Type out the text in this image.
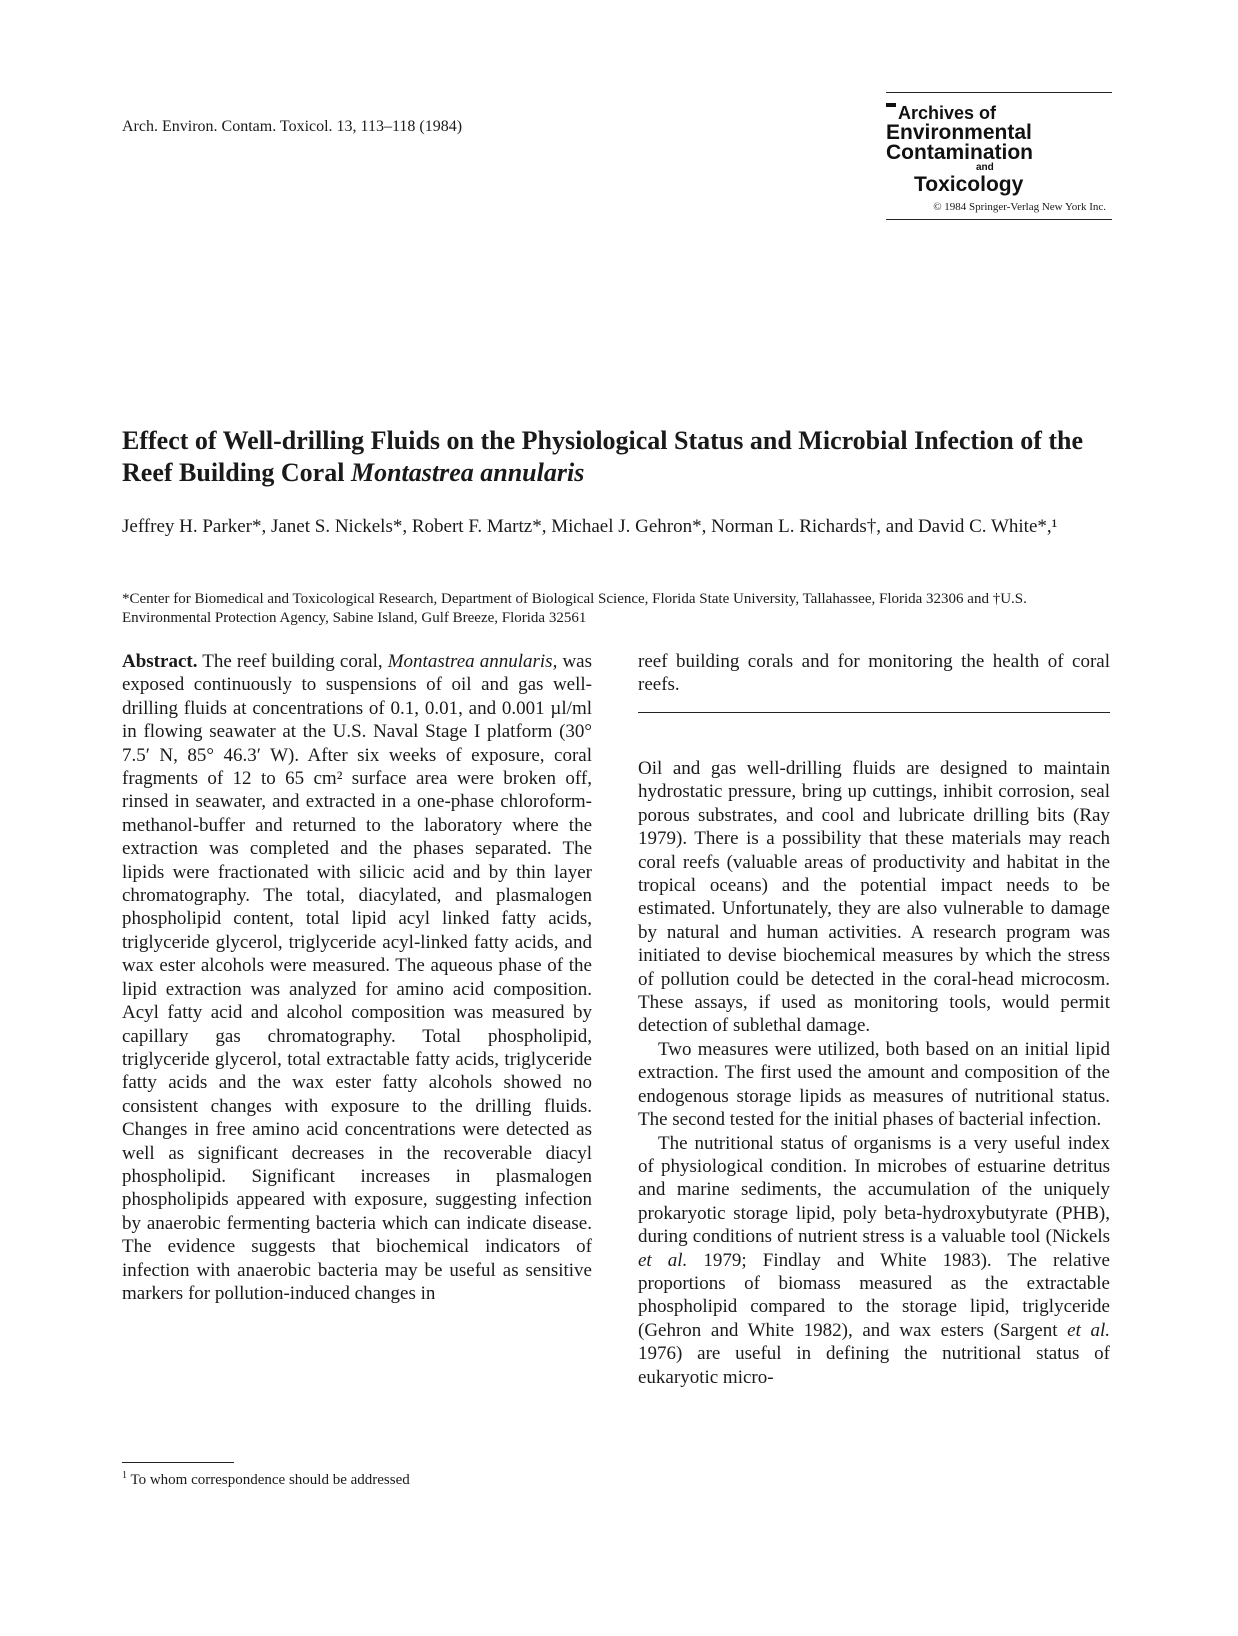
Arch. Environ. Contam. Toxicol. 13, 113–118 (1984)
Archives of
Environmental
Contamination
and
Toxicology
© 1984 Springer-Verlag New York Inc.
Effect of Well-drilling Fluids on the Physiological Status and Microbial Infection of the Reef Building Coral Montastrea annularis
Jeffrey H. Parker*, Janet S. Nickels*, Robert F. Martz*, Michael J. Gehron*, Norman L. Richards†, and David C. White*,¹
*Center for Biomedical and Toxicological Research, Department of Biological Science, Florida State University, Tallahassee, Florida 32306 and †U.S. Environmental Protection Agency, Sabine Island, Gulf Breeze, Florida 32561

Abstract. The reef building coral, Montastrea annularis, was exposed continuously to suspensions of oil and gas well-drilling fluids at concentrations of 0.1, 0.01, and 0.001 µl/ml in flowing seawater at the U.S. Naval Stage I platform (30° 7.5′ N, 85° 46.3′ W). After six weeks of exposure, coral fragments of 12 to 65 cm² surface area were broken off, rinsed in seawater, and extracted in a one-phase chloroform-methanol-buffer and returned to the laboratory where the extraction was completed and the phases separated. The lipids were fractionated with silicic acid and by thin layer chromatography. The total, diacylated, and plasmalogen phospholipid content, total lipid acyl linked fatty acids, triglyceride glycerol, triglyceride acyl-linked fatty acids, and wax ester alcohols were measured. The aqueous phase of the lipid extraction was analyzed for amino acid composition. Acyl fatty acid and alcohol composition was measured by capillary gas chromatography. Total phospholipid, triglyceride glycerol, total extractable fatty acids, triglyceride fatty acids and the wax ester fatty alcohols showed no consistent changes with exposure to the drilling fluids. Changes in free amino acid concentrations were detected as well as significant decreases in the recoverable diacyl phospholipid. Significant increases in plasmalogen phospholipids appeared with exposure, suggesting infection by anaerobic fermenting bacteria which can indicate disease. The evidence suggests that biochemical indicators of infection with anaerobic bacteria may be useful as sensitive markers for pollution-induced changes in

reef building corals and for monitoring the health of coral reefs.

Oil and gas well-drilling fluids are designed to maintain hydrostatic pressure, bring up cuttings, inhibit corrosion, seal porous substrates, and cool and lubricate drilling bits (Ray 1979). There is a possibility that these materials may reach coral reefs (valuable areas of productivity and habitat in the tropical oceans) and the potential impact needs to be estimated. Unfortunately, they are also vulnerable to damage by natural and human activities. A research program was initiated to devise biochemical measures by which the stress of pollution could be detected in the coral-head microcosm. These assays, if used as monitoring tools, would permit detection of sublethal damage.

Two measures were utilized, both based on an initial lipid extraction. The first used the amount and composition of the endogenous storage lipids as measures of nutritional status. The second tested for the initial phases of bacterial infection.

The nutritional status of organisms is a very useful index of physiological condition. In microbes of estuarine detritus and marine sediments, the accumulation of the uniquely prokaryotic storage lipid, poly beta-hydroxybutyrate (PHB), during conditions of nutrient stress is a valuable tool (Nickels et al. 1979; Findlay and White 1983). The relative proportions of biomass measured as the extractable phospholipid compared to the storage lipid, triglyceride (Gehron and White 1982), and wax esters (Sargent et al. 1976) are useful in defining the nutritional status of eukaryotic micro-

$^1$ To whom correspondence should be addressed
